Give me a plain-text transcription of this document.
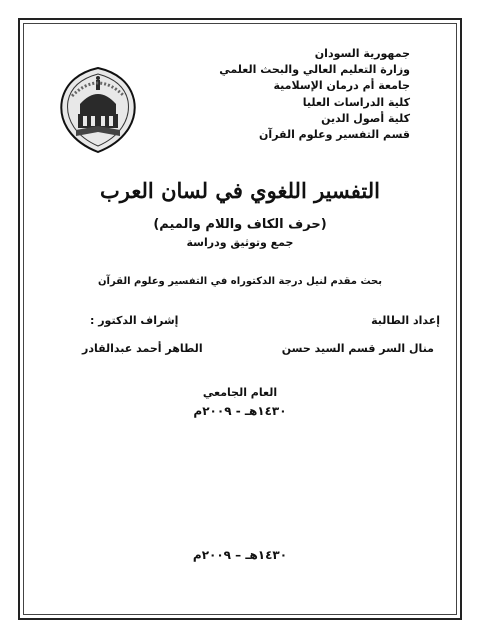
جمهورية السودان
وزارة التعليم العالي والبحث العلمي
جامعة أم درمان الإسلامية
كلية الدراسات العليا
كلية أصول الدين
قسم التفسير وعلوم القرآن
التفسير اللغوي في لسان العرب
(حرف الكاف واللام والميم)
جمع وتوثيق ودراسة
بحث مقدم لنيل درجة الدكتوراه في التفسير وعلوم القرآن
إعداد الطالبة
منال السر قسم السيد حسن
إشراف الدكتور :
الطاهر أحمد عبدالقادر
العام الجامعي
١٤٣٠هـ - ٢٠٠٩م
١٤٣٠هـ – ٢٠٠٩م
